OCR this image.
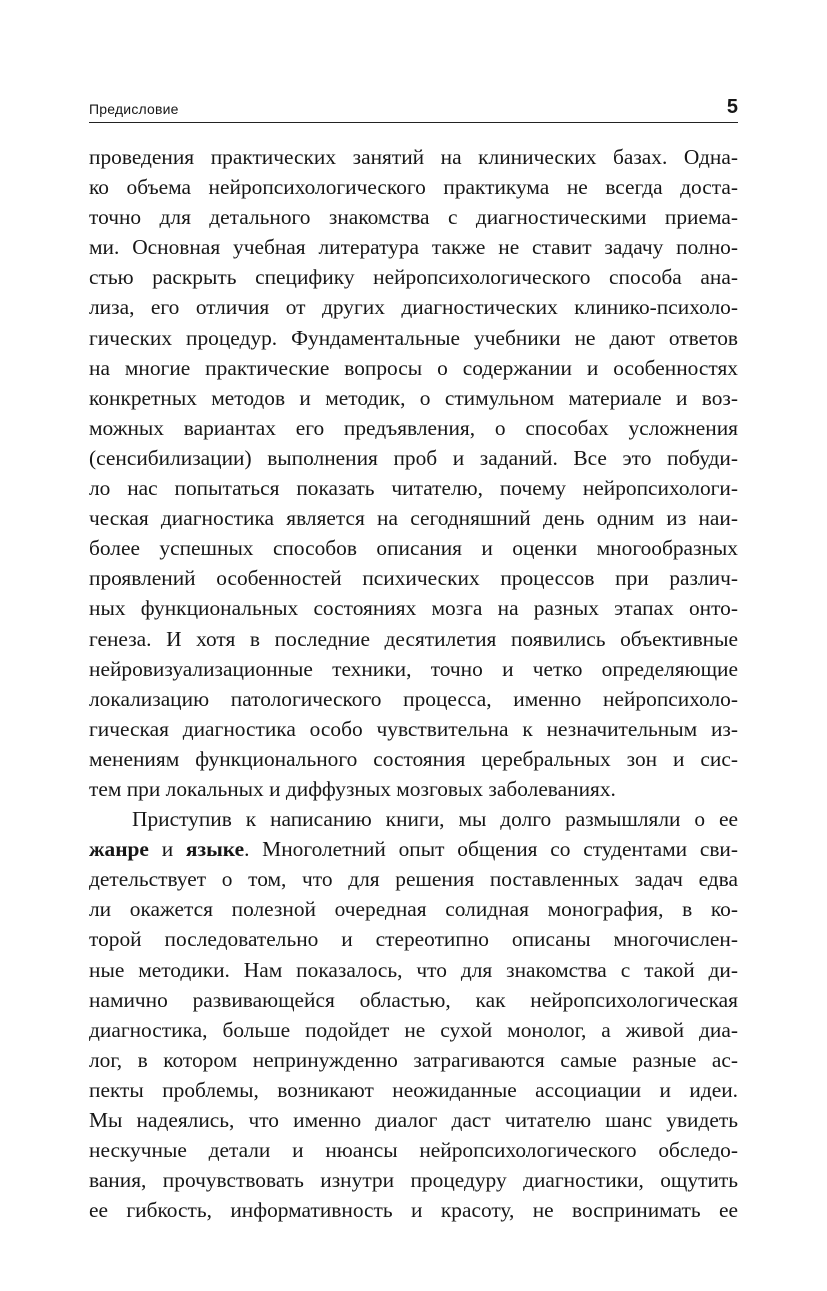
Предисловие	5
проведения практических занятий на клинических базах. Одна-
ко объема нейропсихологического практикума не всегда доста-
точно для детального знакомства с диагностическими приема-
ми. Основная учебная литература также не ставит задачу полно-
стью раскрыть специфику нейропсихологического способа ана-
лиза, его отличия от других диагностических клинико-психоло-
гических процедур. Фундаментальные учебники не дают ответов
на многие практические вопросы о содержании и особенностях
конкретных методов и методик, о стимульном материале и воз-
можных вариантах его предъявления, о способах усложнения
(сенсибилизации) выполнения проб и заданий. Все это побуди-
ло нас попытаться показать читателю, почему нейропсихологи-
ческая диагностика является на сегодняшний день одним из наи-
более успешных способов описания и оценки многообразных
проявлений особенностей психических процессов при различ-
ных функциональных состояниях мозга на разных этапах онто-
генеза. И хотя в последние десятилетия появились объективные
нейровизуализационные техники, точно и четко определяющие
локализацию патологического процесса, именно нейропсихоло-
гическая диагностика особо чувствительна к незначительным из-
менениям функционального состояния церебральных зон и сис-
тем при локальных и диффузных мозговых заболеваниях.
Приступив к написанию книги, мы долго размышляли о ее
жанре и языке. Многолетний опыт общения со студентами сви-
детельствует о том, что для решения поставленных задач едва
ли окажется полезной очередная солидная монография, в ко-
торой последовательно и стереотипно описаны многочислен-
ные методики. Нам показалось, что для знакомства с такой ди-
намично развивающейся областью, как нейропсихологическая
диагностика, больше подойдет не сухой монолог, а живой диа-
лог, в котором непринужденно затрагиваются самые разные ас-
пекты проблемы, возникают неожиданные ассоциации и идеи.
Мы надеялись, что именно диалог даст читателю шанс увидеть
нескучные детали и нюансы нейропсихологического обследо-
вания, прочувствовать изнутри процедуру диагностики, ощутить
ее гибкость, информативность и красоту, не воспринимать ее
